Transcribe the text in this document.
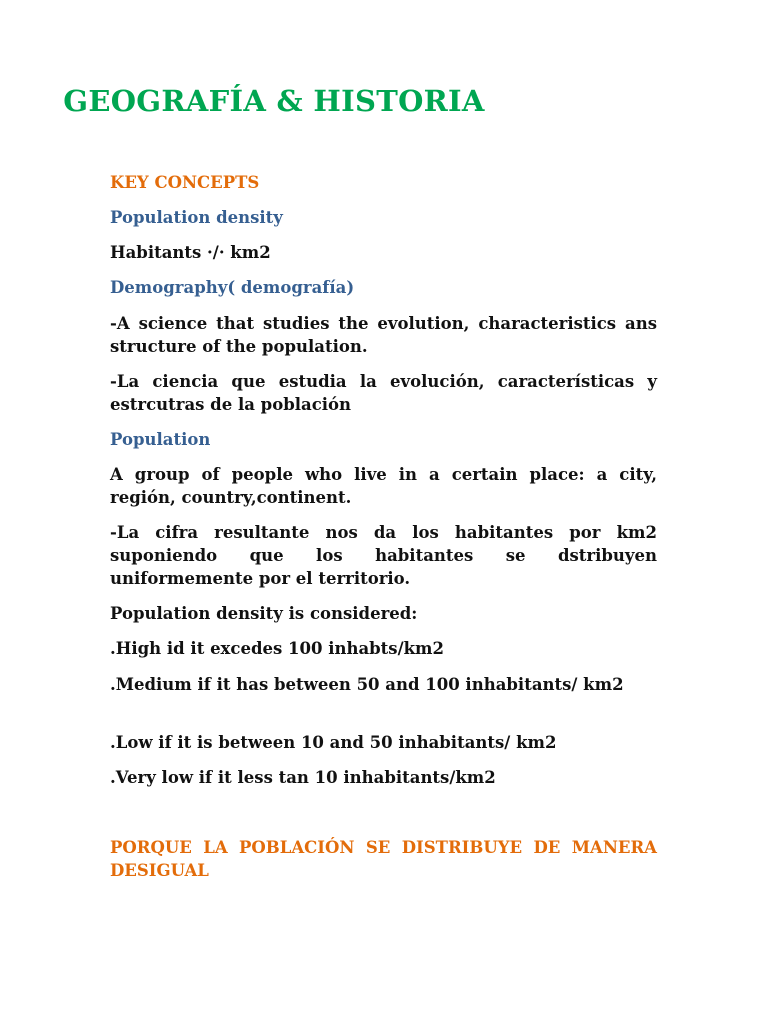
GEOGRAFÍA & HISTORIA

KEY CONCEPTS

Population density

Habitants ·/· km2

Demography( demografía)

-A science that studies the evolution, characteristics ans structure of the population.

-La ciencia que estudia la evolución, características y estrcutras de la población

Population

A group of people who live in a certain place: a city, región, country,continent.

-La cifra resultante nos da los habitantes por km2 suponiendo que los habitantes se dstribuyen uniformemente por el territorio.

Population density is considered:

.High id it excedes 100 inhabts/km2

.Medium if it has between 50 and 100 inhabitants/ km2

.Low if it is between 10 and 50 inhabitants/ km2

.Very low if it less tan 10 inhabitants/km2

PORQUE LA POBLACIÓN SE DISTRIBUYE DE MANERA DESIGUAL
